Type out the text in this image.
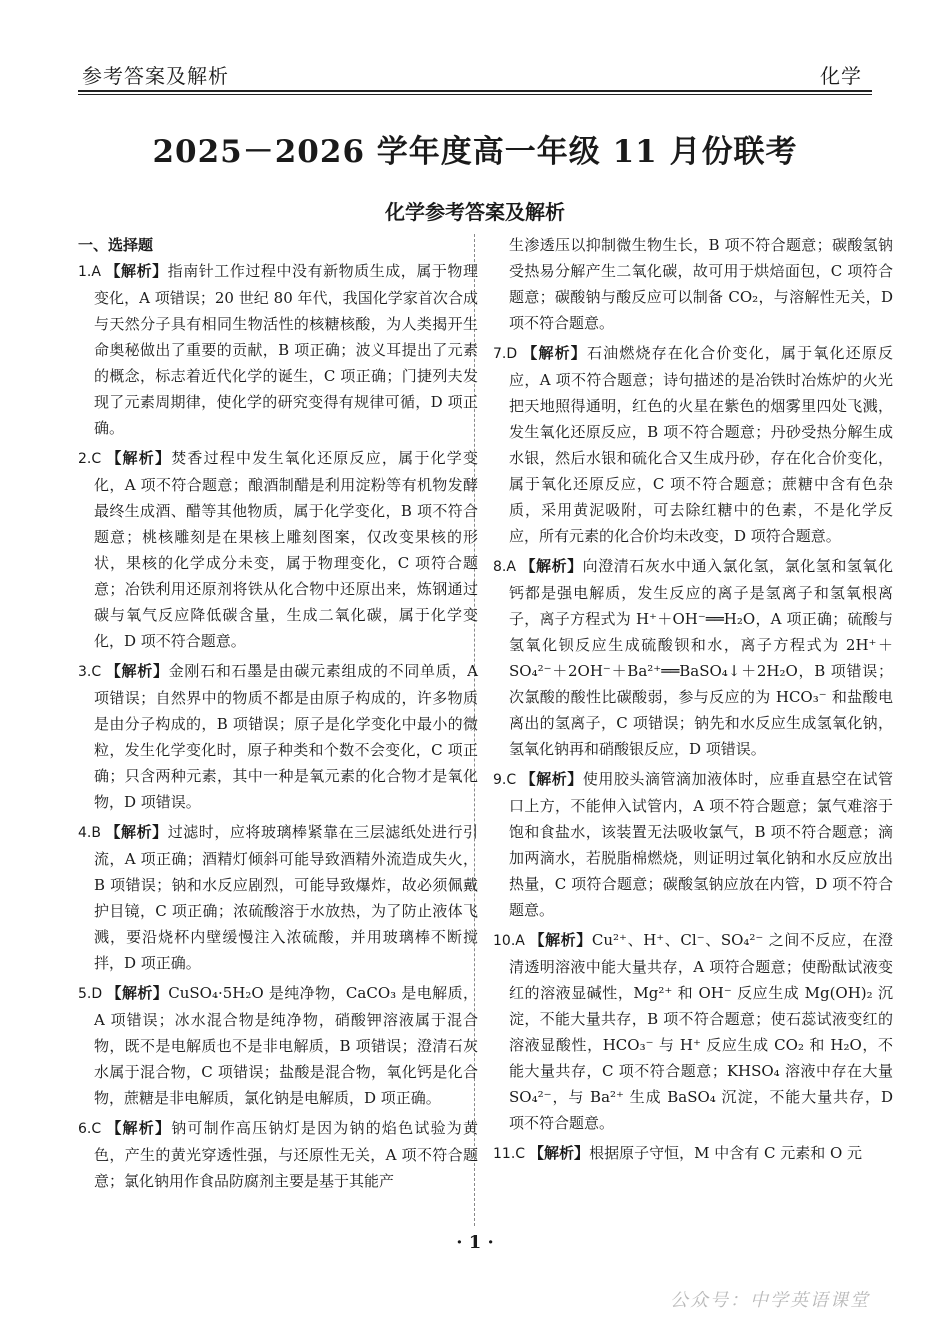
参考答案及解析	化学
2025－2026 学年度高一年级 11 月份联考
化学参考答案及解析
一、选择题
1.A 【解析】指南针工作过程中没有新物质生成，属于物理变化，A 项错误；20 世纪 80 年代，我国化学家首次合成与天然分子具有相同生物活性的核糖核酸，为人类揭开生命奥秘做出了重要的贡献，B 项正确；波义耳提出了元素的概念，标志着近代化学的诞生，C 项正确；门捷列夫发现了元素周期律，使化学的研究变得有规律可循，D 项正确。
2.C 【解析】焚香过程中发生氧化还原反应，属于化学变化，A 项不符合题意；酿酒制醋是利用淀粉等有机物发酵最终生成酒、醋等其他物质，属于化学变化，B 项不符合题意；桃核雕刻是在果核上雕刻图案，仅改变果核的形状，果核的化学成分未变，属于物理变化，C 项符合题意；冶铁利用还原剂将铁从化合物中还原出来，炼钢通过碳与氧气反应降低碳含量，生成二氧化碳，属于化学变化，D 项不符合题意。
3.C 【解析】金刚石和石墨是由碳元素组成的不同单质，A 项错误；自然界中的物质不都是由原子构成的，许多物质是由分子构成的，B 项错误；原子是化学变化中最小的微粒，发生化学变化时，原子种类和个数不会变化，C 项正确；只含两种元素，其中一种是氧元素的化合物才是氧化物，D 项错误。
4.B 【解析】过滤时，应将玻璃棒紧靠在三层滤纸处进行引流，A 项正确；酒精灯倾斜可能导致酒精外流造成失火，B 项错误；钠和水反应剧烈，可能导致爆炸，故必须佩戴护目镜，C 项正确；浓硫酸溶于水放热，为了防止液体飞溅，要沿烧杯内壁缓慢注入浓硫酸，并用玻璃棒不断搅拌，D 项正确。
5.D 【解析】CuSO₄·5H₂O 是纯净物，CaCO₃ 是电解质，A 项错误；冰水混合物是纯净物，硝酸钾溶液属于混合物，既不是电解质也不是非电解质，B 项错误；澄清石灰水属于混合物，C 项错误；盐酸是混合物，氧化钙是化合物，蔗糖是非电解质，氯化钠是电解质，D 项正确。
6.C 【解析】钠可制作高压钠灯是因为钠的焰色试验为黄色，产生的黄光穿透性强，与还原性无关，A 项不符合题意；氯化钠用作食品防腐剂主要是基于其能产
生渗透压以抑制微生物生长，B 项不符合题意；碳酸氢钠受热易分解产生二氧化碳，故可用于烘焙面包，C 项符合题意；碳酸钠与酸反应可以制备 CO₂，与溶解性无关，D 项不符合题意。
7.D 【解析】石油燃烧存在化合价变化，属于氧化还原反应，A 项不符合题意；诗句描述的是冶铁时冶炼炉的火光把天地照得通明，红色的火星在紫色的烟雾里四处飞溅，发生氧化还原反应，B 项不符合题意；丹砂受热分解生成水银，然后水银和硫化合又生成丹砂，存在化合价变化，属于氧化还原反应，C 项不符合题意；蔗糖中含有色杂质，采用黄泥吸附，可去除红糖中的色素，不是化学反应，所有元素的化合价均未改变，D 项符合题意。
8.A 【解析】向澄清石灰水中通入氯化氢，氯化氢和氢氧化钙都是强电解质，发生反应的离子是氢离子和氢氧根离子，离子方程式为 H⁺＋OH⁻══H₂O，A 项正确；硫酸与氢氧化钡反应生成硫酸钡和水，离子方程式为 2H⁺＋SO₄²⁻＋2OH⁻＋Ba²⁺══BaSO₄↓＋2H₂O，B 项错误；次氯酸的酸性比碳酸弱，参与反应的为 HCO₃⁻ 和盐酸电离出的氢离子，C 项错误；钠先和水反应生成氢氧化钠，氢氧化钠再和硝酸银反应，D 项错误。
9.C 【解析】使用胶头滴管滴加液体时，应垂直悬空在试管口上方，不能伸入试管内，A 项不符合题意；氯气难溶于饱和食盐水，该装置无法吸收氯气，B 项不符合题意；滴加两滴水，若脱脂棉燃烧，则证明过氧化钠和水反应放出热量，C 项符合题意；碳酸氢钠应放在内管，D 项不符合题意。
10.A 【解析】Cu²⁺、H⁺、Cl⁻、SO₄²⁻ 之间不反应，在澄清透明溶液中能大量共存，A 项符合题意；使酚酞试液变红的溶液显碱性，Mg²⁺ 和 OH⁻ 反应生成 Mg(OH)₂ 沉淀，不能大量共存，B 项不符合题意；使石蕊试液变红的溶液显酸性，HCO₃⁻ 与 H⁺ 反应生成 CO₂ 和 H₂O，不能大量共存，C 项不符合题意；KHSO₄ 溶液中存在大量 SO₄²⁻，与 Ba²⁺ 生成 BaSO₄ 沉淀，不能大量共存，D 项不符合题意。
11.C 【解析】根据原子守恒，M 中含有 C 元素和 O 元
· 1 ·
公众号：中学英语课堂
